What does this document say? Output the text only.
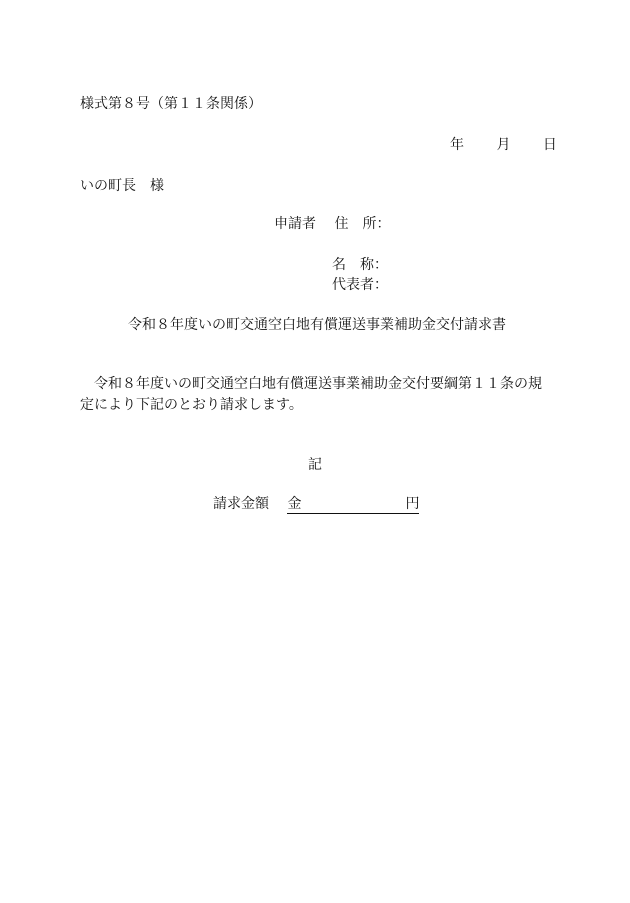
様式第８号（第１１条関係）
年 月 日
いの町長　様
申請者 住　所：
名　称：
代表者：
令和８年度いの町交通空白地有償運送事業補助金交付請求書
令和８年度いの町交通空白地有償運送事業補助金交付要綱第１１条の規定により下記のとおり請求します。
記
請求金額 金	円
